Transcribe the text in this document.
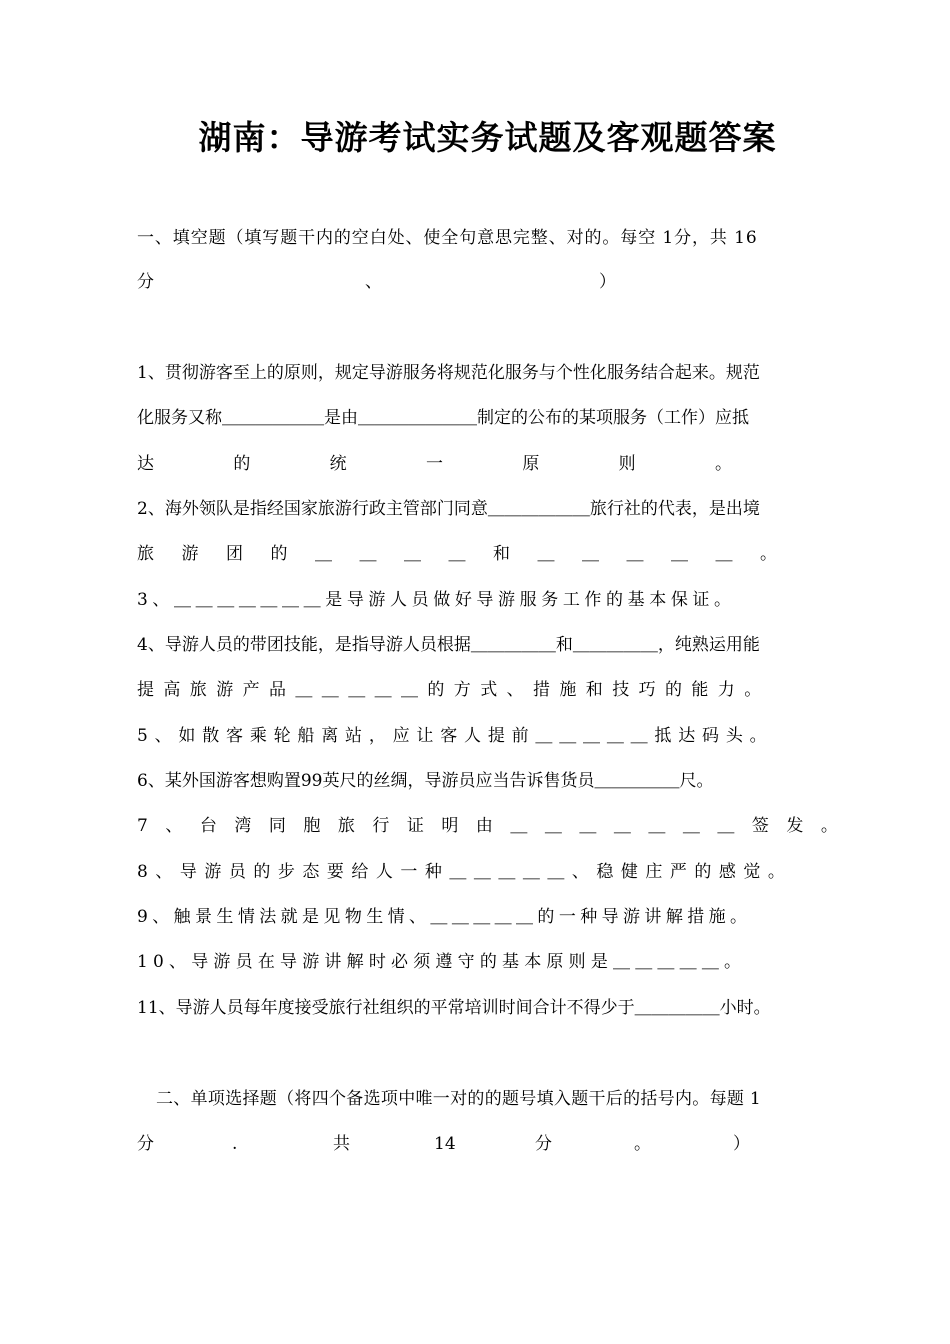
湖南：导游考试实务试题及客观题答案
一、填空题（填写题干内的空白处、使全句意思完整、对的。每空 1分，共 16
分	、	）
1、贯彻游客至上的原则，规定导游服务将规范化服务与个性化服务结合起来。规范
化服务又称＿＿＿＿＿＿是由＿＿＿＿＿＿＿制定的公布的某项服务（工作）应抵
达	的	统	一	原	则	。
2、海外领队是指经国家旅游行政主管部门同意＿＿＿＿＿＿旅行社的代表，是出境
旅 游 团 的 ＿ ＿ ＿ ＿ 和 ＿ ＿ ＿ ＿ ＿ 。
3、＿＿＿＿＿＿＿是导游人员做好导游服务工作的基本保证。
4、导游人员的带团技能，是指导游人员根据＿＿＿＿＿和＿＿＿＿＿，纯熟运用能
提高旅游产品＿＿＿＿＿的方式、措施和技巧的能力。
5、如散客乘轮船离站，应让客人提前＿＿＿＿＿抵达码头。
6、某外国游客想购置99英尺的丝绸，导游员应当告诉售货员＿＿＿＿＿尺。
7、台湾同胞旅行证明由＿＿＿＿＿＿＿签发。
8、导游员的步态要给人一种＿＿＿＿＿、稳健庄严的感觉。
9、触景生情法就是见物生情、＿＿＿＿＿的一种导游讲解措施。
10、导游员在导游讲解时必须遵守的基本原则是＿＿＿＿＿。
11、导游人员每年度接受旅行社组织的平常培训时间合计不得少于＿＿＿＿＿小时。
二、单项选择题（将四个备选项中唯一对的的题号填入题干后的括号内。每题 1
分	.	共	14	分	。	）
